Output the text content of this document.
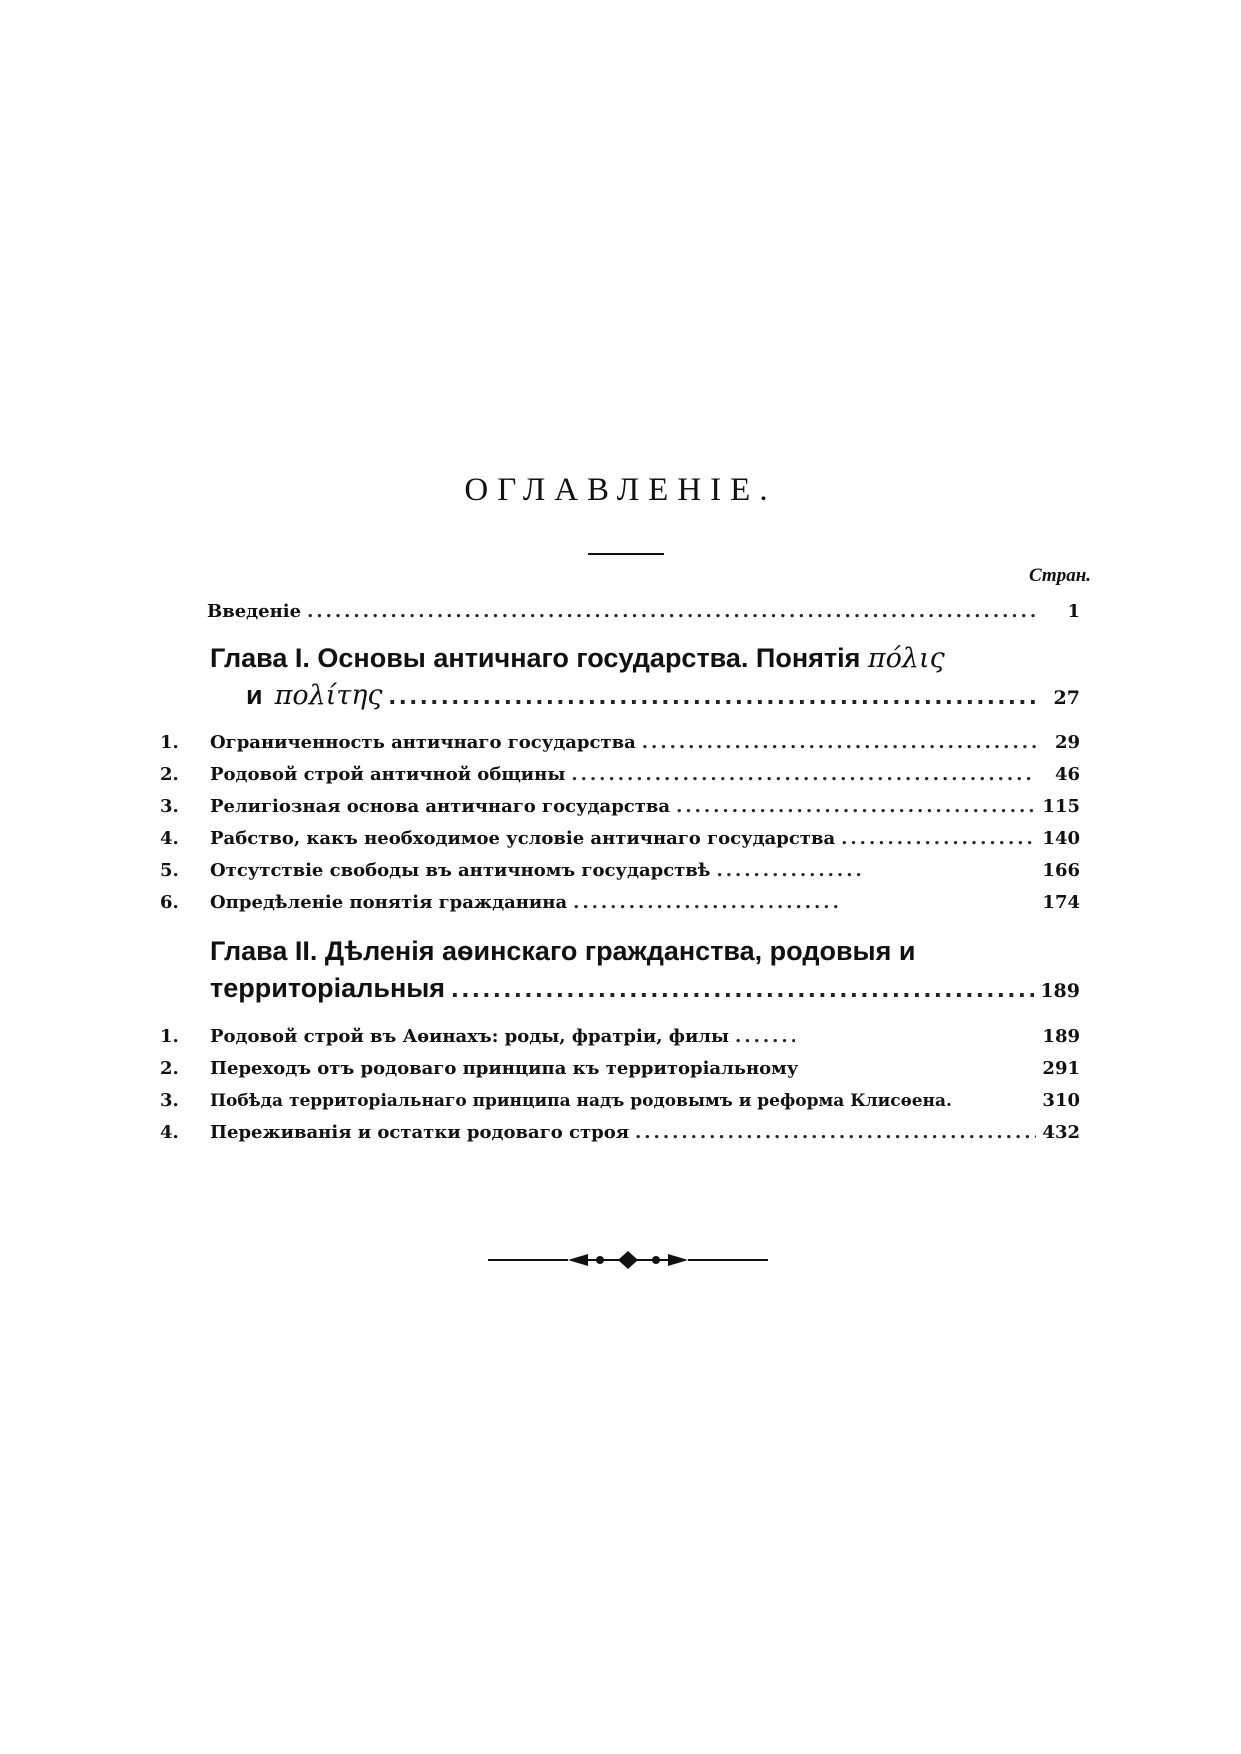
ОГЛАВЛЕНІЕ.
Стран.
Введеніе .....	1
Глава I. Основы античнаго государства. Понятія πόλις
и πολίτης .....	27
1.	Ограниченность античнаго государства .....	29
2.	Родовой строй античной общины .....	46
3.	Религіозная основа античнаго государства .....	115
4.	Рабство, какъ необходимое условіе античнаго государства .....	140
5.	Отсутствіе свободы въ античномъ государствѣ .....	166
6.	Опредѣленіе понятія гражданина .....	174
Глава II. Дѣленія аѳинскаго гражданства, родовыя и
территоріальныя .....	189
1.	Родовой строй въ Аѳинахъ: роды, фратріи, филы .....	189
2.	Переходъ отъ родоваго принципа къ территоріальному	291
3.	Побѣда территоріальнаго принципа надъ родовымъ и реформа Клисѳена.	310
4.	Переживанія и остатки родоваго строя .....	432
